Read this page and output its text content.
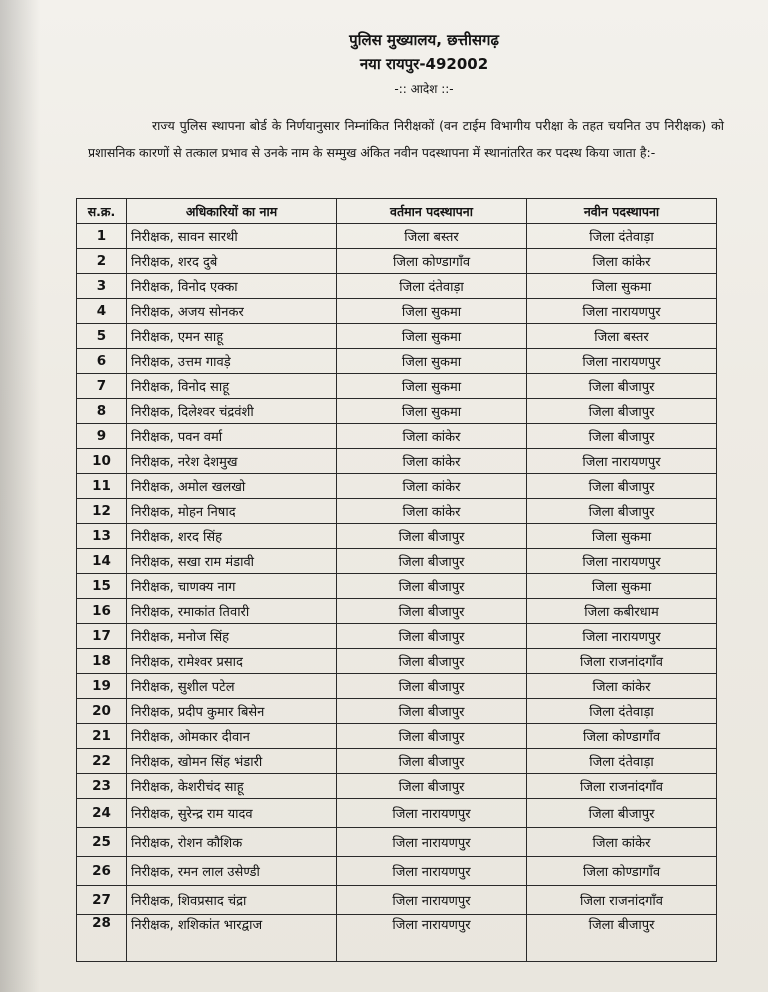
पुलिस मुख्यालय, छत्तीसगढ़
नया रायपुर-492002
-:: आदेश ::-
राज्य पुलिस स्थापना बोर्ड के निर्णयानुसार निम्नांकित निरीक्षकों (वन टाईम विभागीय परीक्षा के तहत चयनित उप निरीक्षक) को प्रशासनिक कारणों से तत्काल प्रभाव से उनके नाम के सम्मुख अंकित नवीन पदस्थापना में स्थानांतरित कर पदस्थ किया जाता है:-
स.क्र.	अधिकारियों का नाम	वर्तमान पदस्थापना	नवीन पदस्थापना
1	निरीक्षक, सावन सारथी	जिला बस्तर	जिला दंतेवाड़ा
2	निरीक्षक, शरद दुबे	जिला कोण्डागाँव	जिला कांकेर
3	निरीक्षक, विनोद एक्का	जिला दंतेवाड़ा	जिला सुकमा
4	निरीक्षक, अजय सोनकर	जिला सुकमा	जिला नारायणपुर
5	निरीक्षक, एमन साहू	जिला सुकमा	जिला बस्तर
6	निरीक्षक, उत्तम गावड़े	जिला सुकमा	जिला नारायणपुर
7	निरीक्षक, विनोद साहू	जिला सुकमा	जिला बीजापुर
8	निरीक्षक, दिलेश्वर चंद्रवंशी	जिला सुकमा	जिला बीजापुर
9	निरीक्षक, पवन वर्मा	जिला कांकेर	जिला बीजापुर
10	निरीक्षक, नरेश देशमुख	जिला कांकेर	जिला नारायणपुर
11	निरीक्षक, अमोल खलखो	जिला कांकेर	जिला बीजापुर
12	निरीक्षक, मोहन निषाद	जिला कांकेर	जिला बीजापुर
13	निरीक्षक, शरद सिंह	जिला बीजापुर	जिला सुकमा
14	निरीक्षक, सखा राम मंडावी	जिला बीजापुर	जिला नारायणपुर
15	निरीक्षक, चाणक्य नाग	जिला बीजापुर	जिला सुकमा
16	निरीक्षक, रमाकांत तिवारी	जिला बीजापुर	जिला कबीरधाम
17	निरीक्षक, मनोज सिंह	जिला बीजापुर	जिला नारायणपुर
18	निरीक्षक, रामेश्वर प्रसाद	जिला बीजापुर	जिला राजनांदगाँव
19	निरीक्षक, सुशील पटेल	जिला बीजापुर	जिला कांकेर
20	निरीक्षक, प्रदीप कुमार बिसेन	जिला बीजापुर	जिला दंतेवाड़ा
21	निरीक्षक, ओमकार दीवान	जिला बीजापुर	जिला कोण्डागाँव
22	निरीक्षक, खोमन सिंह भंडारी	जिला बीजापुर	जिला दंतेवाड़ा
23	निरीक्षक, केशरीचंद साहू	जिला बीजापुर	जिला राजनांदगाँव
24	निरीक्षक, सुरेन्द्र राम यादव	जिला नारायणपुर	जिला बीजापुर
25	निरीक्षक, रोशन कौशिक	जिला नारायणपुर	जिला कांकेर
26	निरीक्षक, रमन लाल उसेण्डी	जिला नारायणपुर	जिला कोण्डागाँव
27	निरीक्षक, शिवप्रसाद चंद्रा	जिला नारायणपुर	जिला राजनांदगाँव
28	निरीक्षक, शशिकांत भारद्वाज	जिला नारायणपुर	जिला बीजापुर
